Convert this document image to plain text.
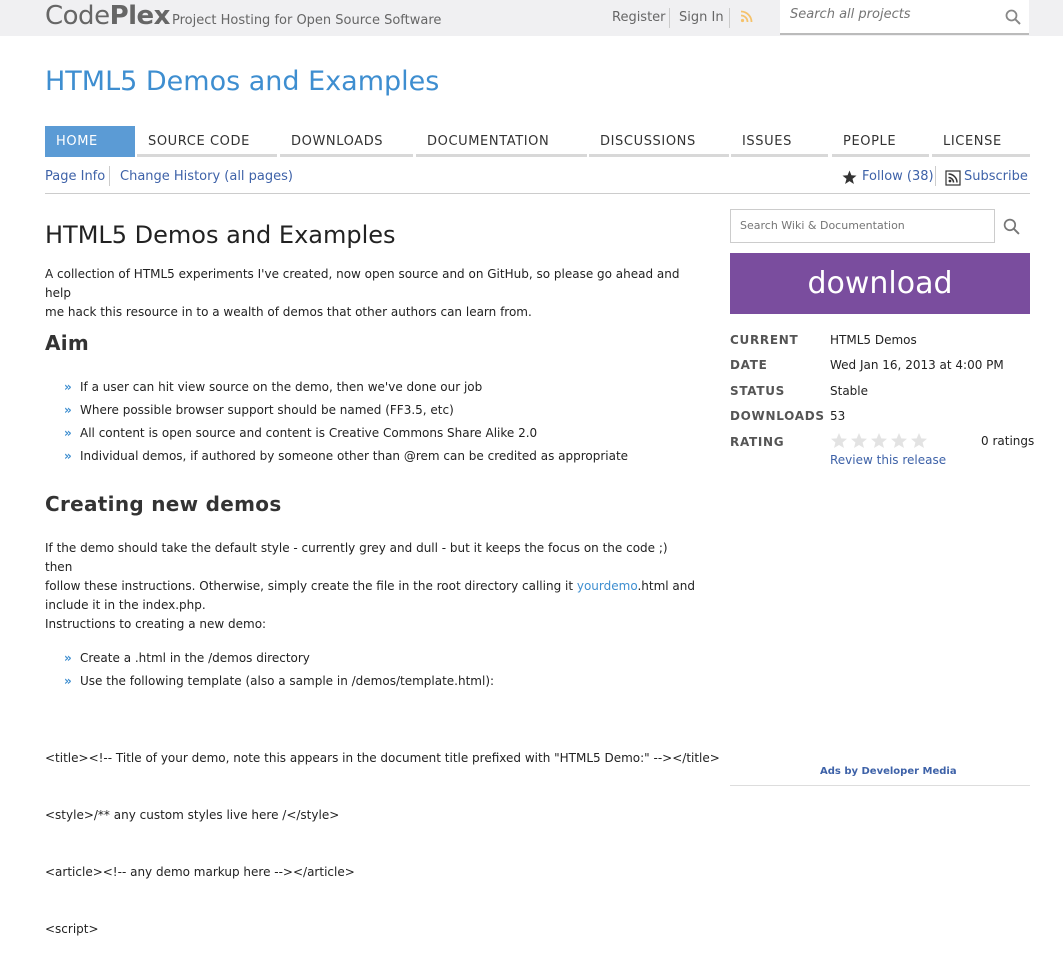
CodePlex Project Hosting for Open Source Software	Register Sign In
Search all projects
HTML5 Demos and Examples
HOME	SOURCE CODE	DOWNLOADS	DOCUMENTATION	DISCUSSIONS	ISSUES	PEOPLE	LICENSE
Page Info Change History (all pages)	Follow (38) Subscribe
HTML5 Demos and Examples
A collection of HTML5 experiments I've created, now open source and on GitHub, so please go ahead and help
me hack this resource in to a wealth of demos that other authors can learn from.
Aim
» If a user can hit view source on the demo, then we've done our job
» Where possible browser support should be named (FF3.5, etc)
» All content is open source and content is Creative Commons Share Alike 2.0
» Individual demos, if authored by someone other than @rem can be credited as appropriate
Creating new demos
If the demo should take the default style - currently grey and dull - but it keeps the focus on the code ;) then
follow these instructions. Otherwise, simply create the file in the root directory calling it yourdemo.html and
include it in the index.php.
Instructions to creating a new demo:
» Create a .html in the /demos directory
» Use the following template (also a sample in /demos/template.html):

<title><!-- Title of your demo, note this appears in the document title prefixed with "HTML5 Demo:" --></title>

<style>/** any custom styles live here /</style>

<article><!-- any demo markup here --></article>

<script>

Search Wiki & Documentation
download
CURRENT	HTML5 Demos
DATE	Wed Jan 16, 2013 at 4:00 PM
STATUS	Stable
DOWNLOADS 53
RATING	0 ratings
Review this release
Ads by Developer Media
